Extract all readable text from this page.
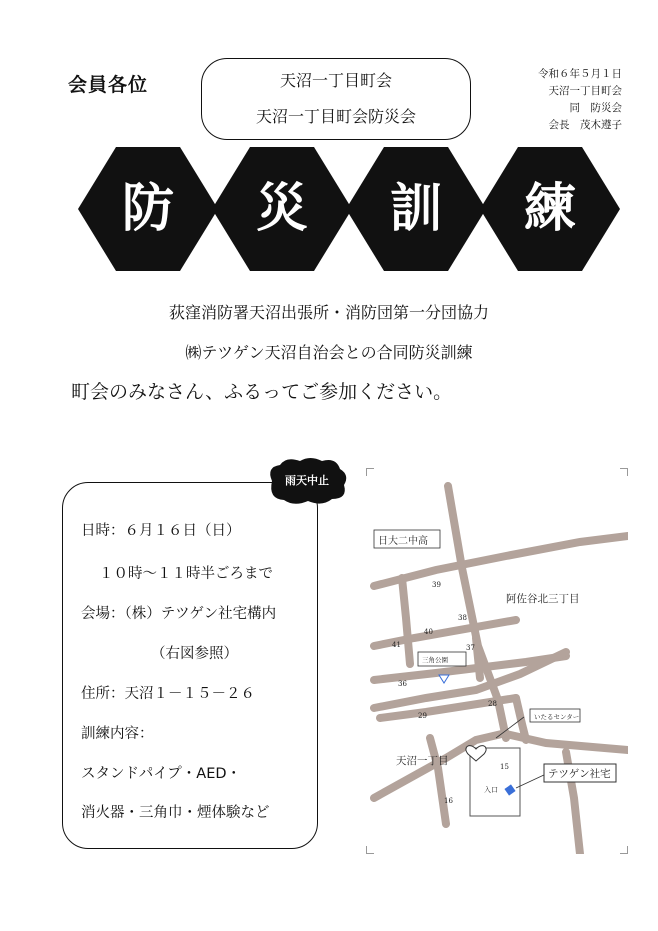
会員各位	天沼一丁目町会
天沼一丁目町会防災会
令和６年５月１日
天沼一丁目町会
同　防災会
会長　茂木遵子
防	災	訓	練
荻窪消防署天沼出張所・消防団第一分団協力
㈱テツゲン天沼自治会との合同防災訓練
町会のみなさん、ふるってご参加ください。
日時：６月１６日（日）
１０時～１１時半ごろまで
会場：（株）テツゲン社宅構内
（右図参照）
住所：天沼１－１５－２６
訓練内容：
スタンドパイプ・AED・
消火器・三角巾・煙体験など
雨天中止
日大二中高
阿佐谷北三丁目
天沼一丁目
三角公園
いたるセンター
テツゲン社宅
入口
39
38
40
41	37
36
29
28
15
16
